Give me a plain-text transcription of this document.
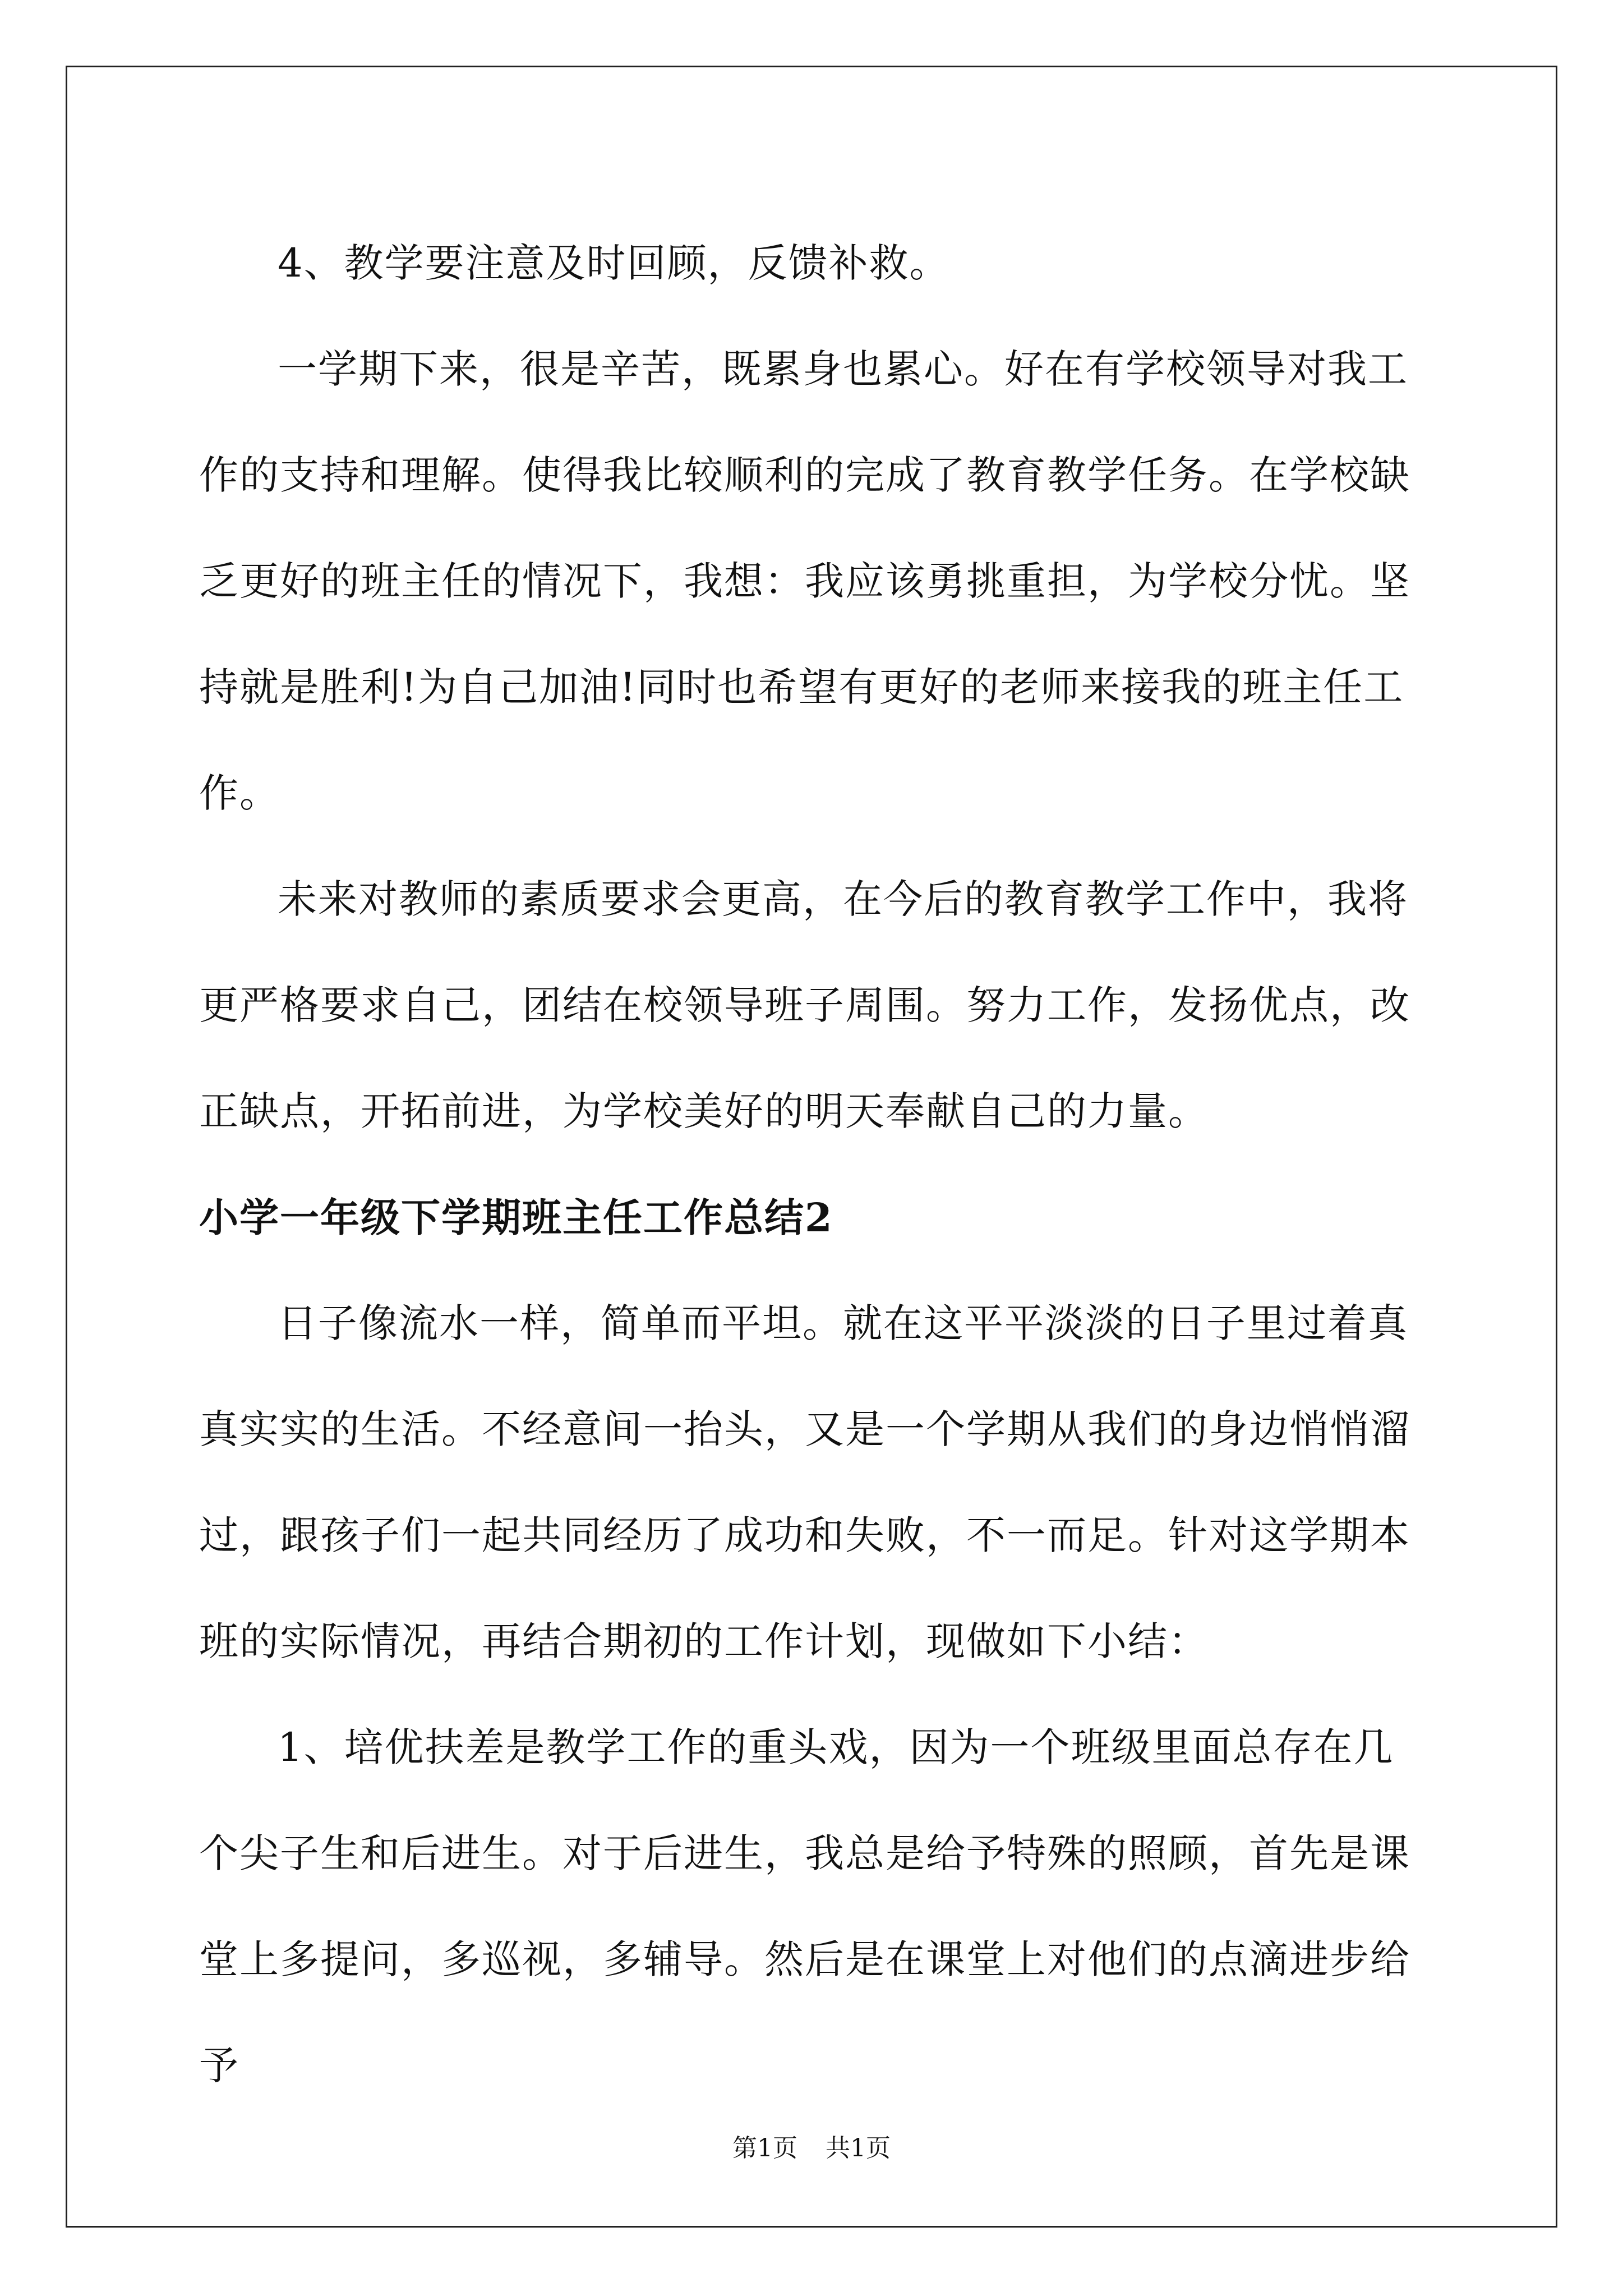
4、教学要注意及时回顾，反馈补救。

一学期下来，很是辛苦，既累身也累心。好在有学校领导对我工作的支持和理解。使得我比较顺利的完成了教育教学任务。在学校缺乏更好的班主任的情况下，我想：我应该勇挑重担，为学校分忧。坚持就是胜利!为自己加油!同时也希望有更好的老师来接我的班主任工作。

未来对教师的素质要求会更高，在今后的教育教学工作中，我将更严格要求自己，团结在校领导班子周围。努力工作，发扬优点，改正缺点，开拓前进，为学校美好的明天奉献自己的力量。

小学一年级下学期班主任工作总结2

日子像流水一样，简单而平坦。就在这平平淡淡的日子里过着真真实实的生活。不经意间一抬头，又是一个学期从我们的身边悄悄溜过，跟孩子们一起共同经历了成功和失败，不一而足。针对这学期本班的实际情况，再结合期初的工作计划，现做如下小结：

1、培优扶差是教学工作的重头戏，因为一个班级里面总存在几个尖子生和后进生。对于后进生，我总是给予特殊的照顾，首先是课堂上多提问，多巡视，多辅导。然后是在课堂上对他们的点滴进步给予

第1页 共1页
